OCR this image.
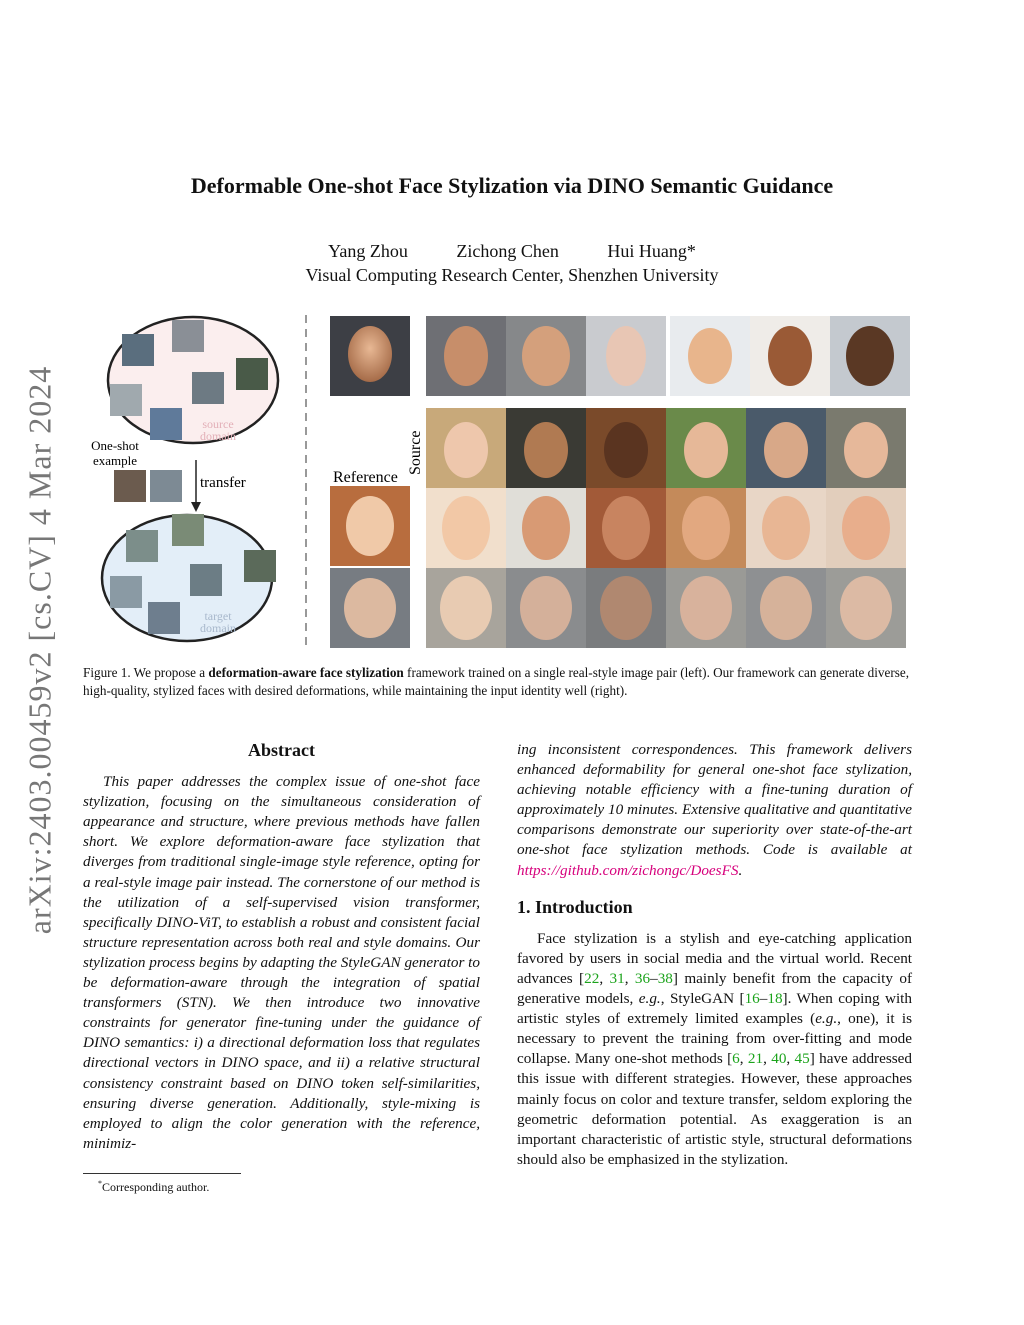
arXiv:2403.00459v2 [cs.CV] 4 Mar 2024
Deformable One-shot Face Stylization via DINO Semantic Guidance
Yang Zhou	Zichong Chen	Hui Huang*
Visual Computing Research Center, Shenzhen University
source
domain
One-shot
example
transfer
target
domain
Reference
Source
Figure 1. We propose a deformation-aware face stylization framework trained on a single real-style image pair (left). Our framework can generate diverse, high-quality, stylized faces with desired deformations, while maintaining the input identity well (right).

Abstract

This paper addresses the complex issue of one-shot face stylization, focusing on the simultaneous consideration of appearance and structure, where previous methods have fallen short. We explore deformation-aware face stylization that diverges from traditional single-image style reference, opting for a real-style image pair instead. The cornerstone of our method is the utilization of a self-supervised vision transformer, specifically DINO-ViT, to establish a robust and consistent facial structure representation across both real and style domains. Our stylization process begins by adapting the StyleGAN generator to be deformation-aware through the integration of spatial transformers (STN). We then introduce two innovative constraints for generator fine-tuning under the guidance of DINO semantics: i) a directional deformation loss that regulates directional vectors in DINO space, and ii) a relative structural consistency constraint based on DINO token self-similarities, ensuring diverse generation. Additionally, style-mixing is employed to align the color generation with the reference, minimiz-

ing inconsistent correspondences. This framework delivers enhanced deformability for general one-shot face stylization, achieving notable efficiency with a fine-tuning duration of approximately 10 minutes. Extensive qualitative and quantitative comparisons demonstrate our superiority over state-of-the-art one-shot face stylization methods. Code is available at https://github.com/zichongc/DoesFS.

1. Introduction

Face stylization is a stylish and eye-catching application favored by users in social media and the virtual world. Recent advances [22, 31, 36–38] mainly benefit from the capacity of generative models, e.g., StyleGAN [16–18]. When coping with artistic styles of extremely limited examples (e.g., one), it is necessary to prevent the training from over-fitting and mode collapse. Many one-shot methods [6, 21, 40, 45] have addressed this issue with different strategies. However, these approaches mainly focus on color and texture transfer, seldom exploring the geometric deformation potential. As exaggeration is an important characteristic of artistic style, structural deformations should also be emphasized in the stylization.

*Corresponding author.
